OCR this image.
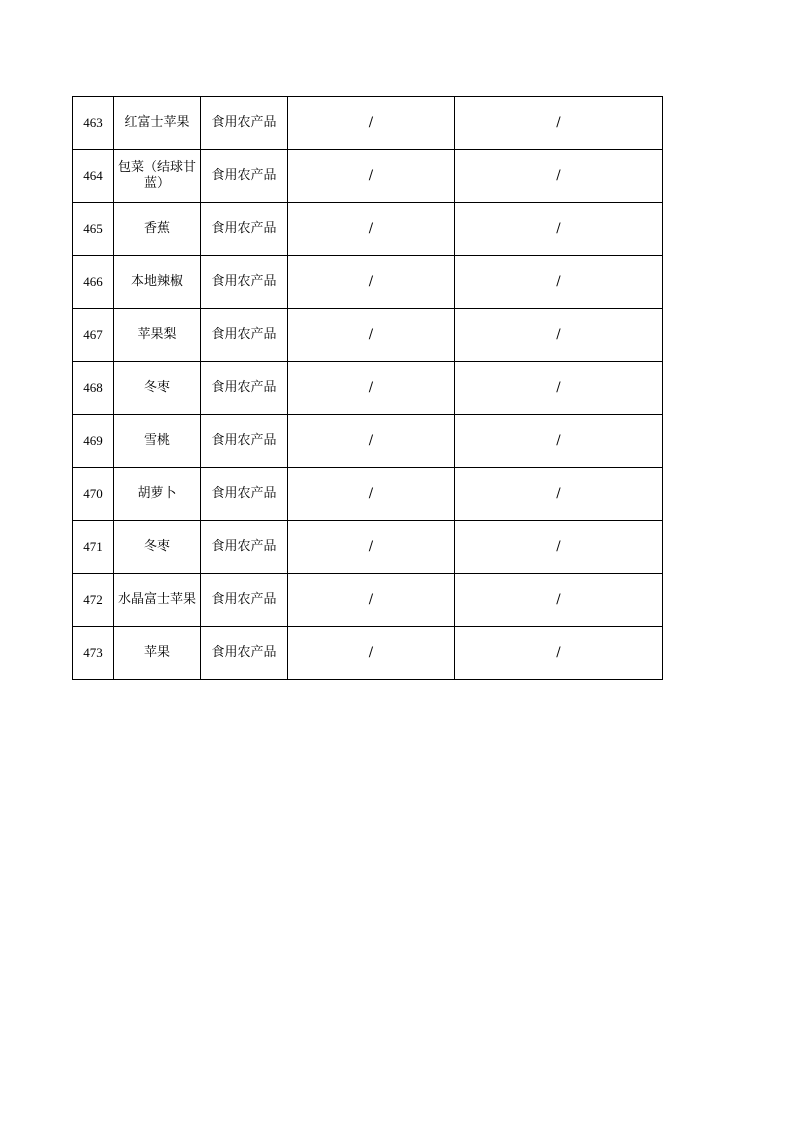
463	红富士苹果	食用农产品	/	/
464	包菜（结球甘蓝）	食用农产品	/	/
465	香蕉	食用农产品	/	/
466	本地辣椒	食用农产品	/	/
467	苹果梨	食用农产品	/	/
468	冬枣	食用农产品	/	/
469	雪桃	食用农产品	/	/
470	胡萝卜	食用农产品	/	/
471	冬枣	食用农产品	/	/
472	水晶富士苹果	食用农产品	/	/
473	苹果	食用农产品	/	/
